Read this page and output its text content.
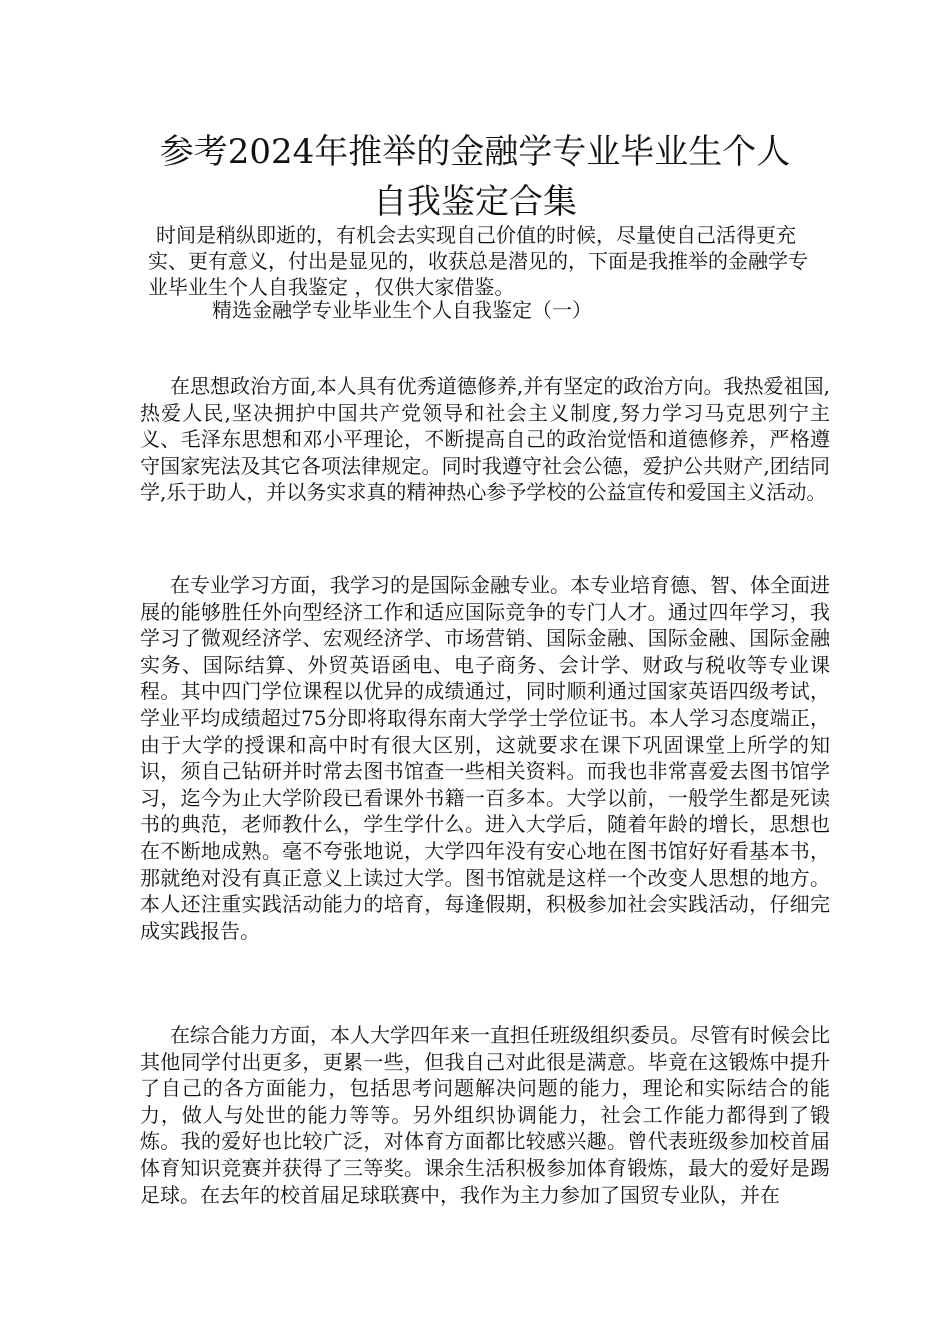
参考2024年推举的金融学专业毕业生个人
自我鉴定合集

时间是稍纵即逝的，有机会去实现自己价值的时候，尽量使自己活得更充实、更有意义，付出是显见的，收获总是潜见的，下面是我推举的金融学专业毕业生个人自我鉴定 ，仅供大家借鉴。

精选金融学专业毕业生个人自我鉴定（一）

在思想政治方面,本人具有优秀道德修养,并有坚定的政治方向。我热爱祖国,热爱人民,坚决拥护中国共产党领导和社会主义制度,努力学习马克思列宁主义、毛泽东思想和邓小平理论，不断提高自己的政治觉悟和道德修养，严格遵守国家宪法及其它各项法律规定。同时我遵守社会公德，爱护公共财产,团结同学,乐于助人，并以务实求真的精神热心参予学校的公益宣传和爱国主义活动。

在专业学习方面，我学习的是国际金融专业。本专业培育德、智、体全面进展的能够胜任外向型经济工作和适应国际竞争的专门人才。通过四年学习，我学习了微观经济学、宏观经济学、市场营销、国际金融、国际金融、国际金融实务、国际结算、外贸英语函电、电子商务、会计学、财政与税收等专业课程。其中四门学位课程以优异的成绩通过，同时顺利通过国家英语四级考试，学业平均成绩超过75分即将取得东南大学学士学位证书。本人学习态度端正，由于大学的授课和高中时有很大区别，这就要求在课下巩固课堂上所学的知识，须自己钻研并时常去图书馆查一些相关资料。而我也非常喜爱去图书馆学习，迄今为止大学阶段已看课外书籍一百多本。大学以前，一般学生都是死读书的典范，老师教什么，学生学什么。进入大学后，随着年龄的增长，思想也在不断地成熟。毫不夸张地说，大学四年没有安心地在图书馆好好看基本书，那就绝对没有真正意义上读过大学。图书馆就是这样一个改变人思想的地方。本人还注重实践活动能力的培育，每逢假期，积极参加社会实践活动，仔细完成实践报告。

在综合能力方面，本人大学四年来一直担任班级组织委员。尽管有时候会比其他同学付出更多，更累一些，但我自己对此很是满意。毕竟在这锻炼中提升了自己的各方面能力，包括思考问题解决问题的能力，理论和实际结合的能力，做人与处世的能力等等。另外组织协调能力，社会工作能力都得到了锻炼。我的爱好也比较广泛，对体育方面都比较感兴趣。曾代表班级参加校首届体育知识竞赛并获得了三等奖。课余生活积极参加体育锻炼，最大的爱好是踢足球。在去年的校首届足球联赛中，我作为主力参加了国贸专业队，并在
